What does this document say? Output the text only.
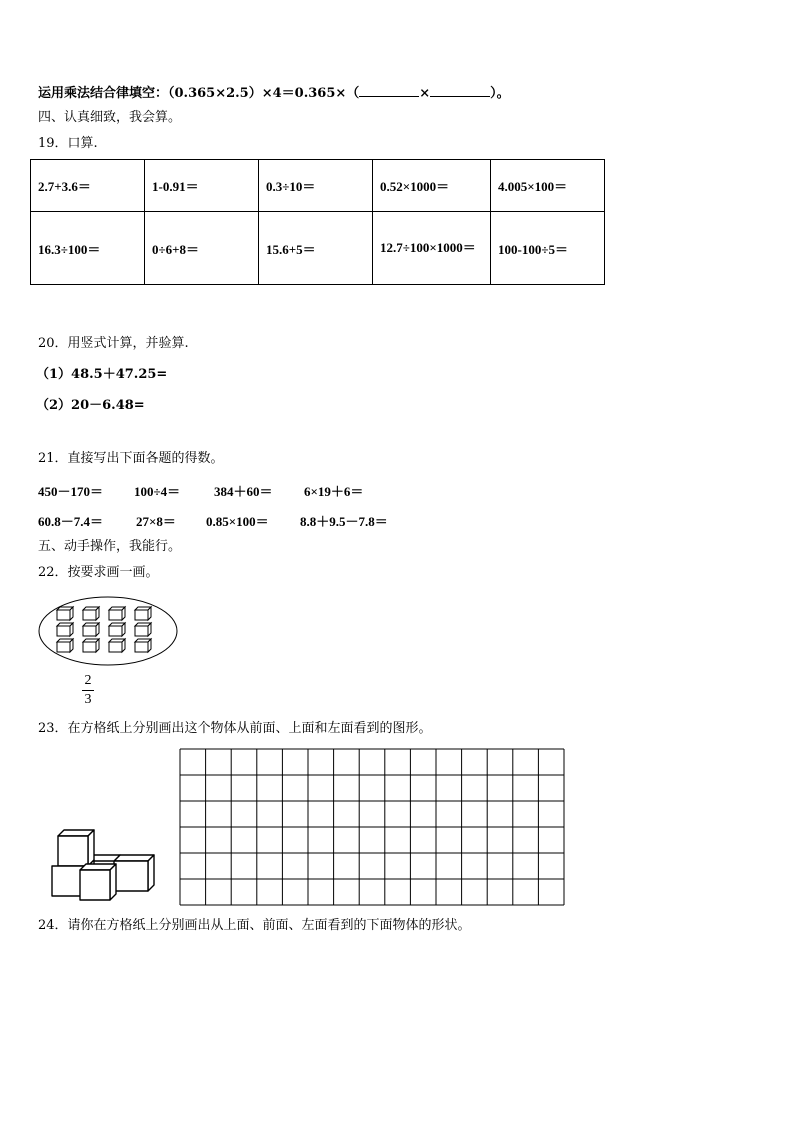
运用乘法结合律填空：（0.365×2.5）×4＝0.365×（	×	）。
四、认真细致，我会算。
19．口算.
2.7+3.6＝	1-0.91＝	0.3÷10＝	0.52×1000＝	4.005×100＝
16.3÷100＝	0÷6+8＝	15.6+5＝	12.7÷100×1000＝	100-100÷5＝
20．用竖式计算，并验算.
（1）48.5＋47.25=
（2）20－6.48=
21．直接写出下面各题的得数。
450－170＝ 100÷4＝	384＋60＝ 6×19＋6＝
60.8－7.4＝	27×8＝ 0.85×100＝ 8.8＋9.5－7.8＝
五、动手操作，我能行。
22．按要求画一画。
2
3
23．在方格纸上分别画出这个物体从前面、上面和左面看到的图形。
24．请你在方格纸上分别画出从上面、前面、左面看到的下面物体的形状。
